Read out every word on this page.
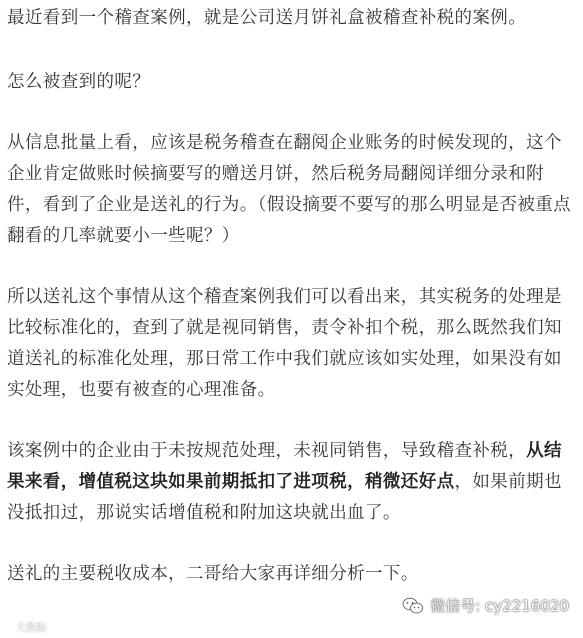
最近看到一个稽查案例，就是公司送月饼礼盒被稽查补税的案例。

怎么被查到的呢？

从信息批量上看，应该是税务稽查在翻阅企业账务的时候发现的，这个企业肯定做账时候摘要写的赠送月饼，然后税务局翻阅详细分录和附件，看到了企业是送礼的行为。（假设摘要不要写的那么明显是否被重点翻看的几率就要小一些呢？）

所以送礼这个事情从这个稽查案例我们可以看出来，其实税务的处理是比较标准化的，查到了就是视同销售，责令补扣个税，那么既然我们知道送礼的标准化处理，那日常工作中我们就应该如实处理，如果没有如实处理，也要有被查的心理准备。

该案例中的企业由于未按规范处理，未视同销售，导致稽查补税，从结果来看，增值税这块如果前期抵扣了进项税，稍微还好点，如果前期也没抵扣过，那说实话增值税和附加这块就出血了。

送礼的主要税收成本，二哥给大家再详细分析一下。

微信号: cy2216020
大数据
